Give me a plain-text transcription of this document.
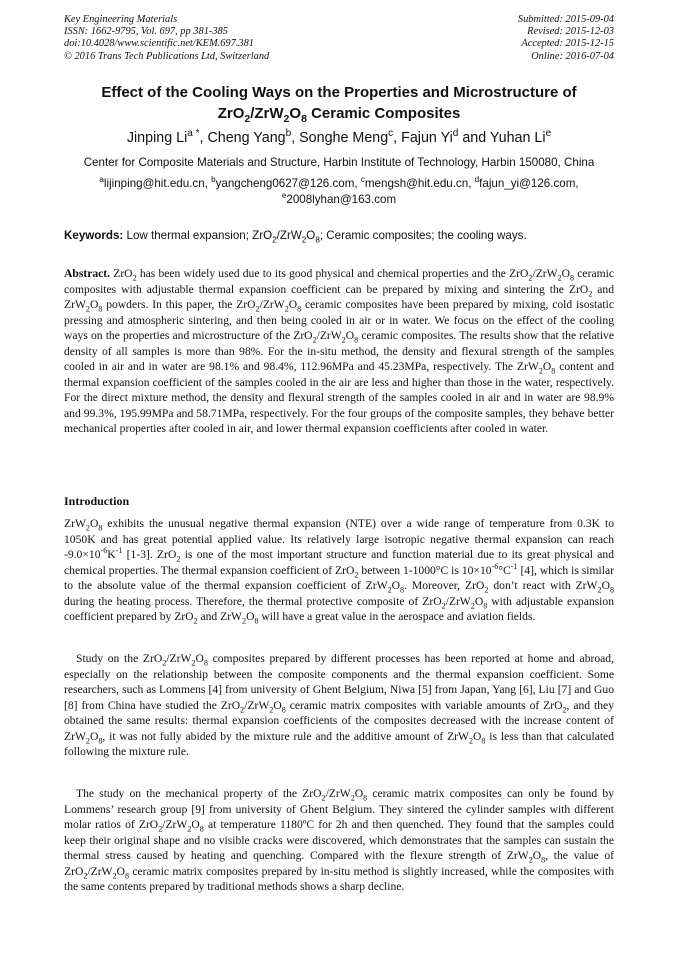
Key Engineering Materials
ISSN: 1662-9795, Vol. 697, pp 381-385
doi:10.4028/www.scientific.net/KEM.697.381
© 2016 Trans Tech Publications Ltd, Switzerland
Submitted: 2015-09-04
Revised: 2015-12-03
Accepted: 2015-12-15
Online: 2016-07-04
Effect of the Cooling Ways on the Properties and Microstructure of
$ZrO_2/ZrW_2O_8$ Ceramic Composites
Jinping $Li^{a *}$, Cheng Yang$^b$, Songhe Meng$^c$, Fajun Yi$^d$ and Yuhan Li$^e$
Center for Composite Materials and Structure, Harbin Institute of Technology, Harbin 150080, China
$^a$lijinping@hit.edu.cn, $^b$yangcheng0627@126.com, $^c$mengsh@hit.edu.cn, $^d$fajun_yi@126.com,
$^e$2008lyhan@163.com
Keywords: Low thermal expansion; $ZrO_2/ZrW_2O_8$; Ceramic composites; the cooling ways.
Abstract. ZrO$_2$ has been widely used due to its good physical and chemical properties and the $ZrO_2/ZrW_2O_8$ ceramic composites with adjustable thermal expansion coefficient can be prepared by mixing and sintering the ZrO$_2$ and $ZrW_2O_8$ powders. In this paper, the $ZrO_2/ZrW_2O_8$ ceramic composites have been prepared by mixing, cold isostatic pressing and atmospheric sintering, and then being cooled in air or in water. We focus on the effect of the cooling ways on the properties and microstructure of the $ZrO_2/ZrW_2O_8$ ceramic composites. The results show that the relative density of all samples is more than 98%. For the in-situ method, the density and flexural strength of the samples cooled in air and in water are 98.1% and 98.4%, 112.96MPa and 45.23MPa, respectively. The $ZrW_2O_8$ content and thermal expansion coefficient of the samples cooled in the air are less and higher than those in the water, respectively. For the direct mixture method, the density and flexural strength of the samples cooled in air and in water are 98.9% and 99.3%, 195.99MPa and 58.71MPa, respectively. For the four groups of the composite samples, they behave better mechanical properties after cooled in air, and lower thermal expansion coefficients after cooled in water.
Introduction
$ZrW_2O_8$ exhibits the unusual negative thermal expansion (NTE) over a wide range of temperature from 0.3K to 1050K and has great potential applied value. Its relatively large isotropic negative thermal expansion can reach $-9.0\times 10^{-6}K^{-1}$ [1-3]. ZrO$_2$ is one of the most important structure and function material due to its great physical and chemical properties. The thermal expansion coefficient of ZrO$_2$ between 1-1000°C is $10\times 10^{-6}^\circ C^{-1}$ [4], which is similar to the absolute value of the thermal expansion coefficient of $ZrW_2O_8$. Moreover, ZrO$_2$ don’t react with $ZrW_2O_8$ during the heating process. Therefore, the thermal protective composite of $ZrO_2/ZrW_2O_8$ with adjustable expansion coefficient prepared by ZrO$_2$ and $ZrW_2O_8$ will have a great value in the aerospace and aviation fields.
Study on the $ZrO_2/ZrW_2O_8$ composites prepared by different processes has been reported at home and abroad, especially on the relationship between the composite components and the thermal expansion coefficient. Some researchers, such as Lommens [4] from university of Ghent Belgium, Niwa [5] from Japan, Yang [6], Liu [7] and Guo [8] from China have studied the $ZrO_2/ZrW_2O_8$ ceramic matrix composites with variable amounts of ZrO$_2$, and they obtained the same results: thermal expansion coefficients of the composites decreased with the increase content of $ZrW_2O_8$, it was not fully abided by the mixture rule and the additive amount of $ZrW_2O_8$ is less than that calculated following the mixture rule.
The study on the mechanical property of the $ZrO_2/ZrW_2O_8$ ceramic matrix composites can only be found by Lommens’ research group [9] from university of Ghent Belgium. They sintered the cylinder samples with different molar ratios of $ZrO_2/ZrW_2O_8$ at temperature 1180ºC for 2h and then quenched. They found that the samples could keep their original shape and no visible cracks were discovered, which demonstrates that the samples can sustain the thermal stress caused by heating and quenching. Compared with the flexure strength of $ZrW_2O_8$, the value of $ZrO_2/ZrW_2O_8$ ceramic matrix composites prepared by in-situ method is slightly increased, while the composites with the same contents prepared by traditional methods shows a sharp decline.
